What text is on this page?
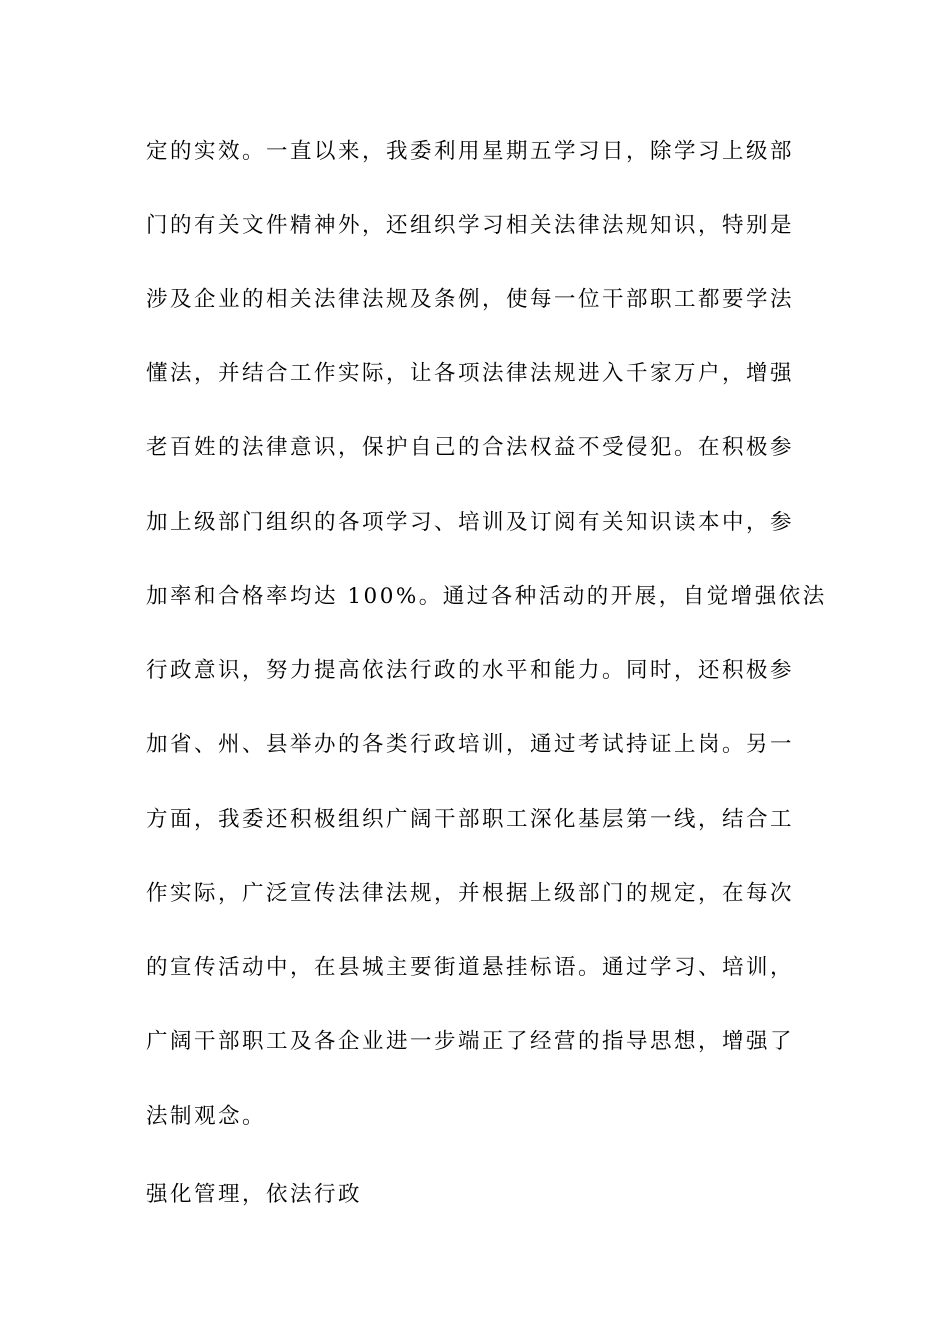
定的实效。一直以来，我委利用星期五学习日，除学习上级部
门的有关文件精神外，还组织学习相关法律法规知识，特别是
涉及企业的相关法律法规及条例，使每一位干部职工都要学法
懂法，并结合工作实际，让各项法律法规进入千家万户，增强
老百姓的法律意识，保护自己的合法权益不受侵犯。在积极参
加上级部门组织的各项学习、培训及订阅有关知识读本中，参
加率和合格率均达 100%。通过各种活动的开展，自觉增强依法
行政意识，努力提高依法行政的水平和能力。同时，还积极参
加省、州、县举办的各类行政培训，通过考试持证上岗。另一
方面，我委还积极组织广阔干部职工深化基层第一线，结合工
作实际，广泛宣传法律法规，并根据上级部门的规定，在每次
的宣传活动中，在县城主要街道悬挂标语。通过学习、培训，
广阔干部职工及各企业进一步端正了经营的指导思想，增强了
法制观念。
强化管理，依法行政
